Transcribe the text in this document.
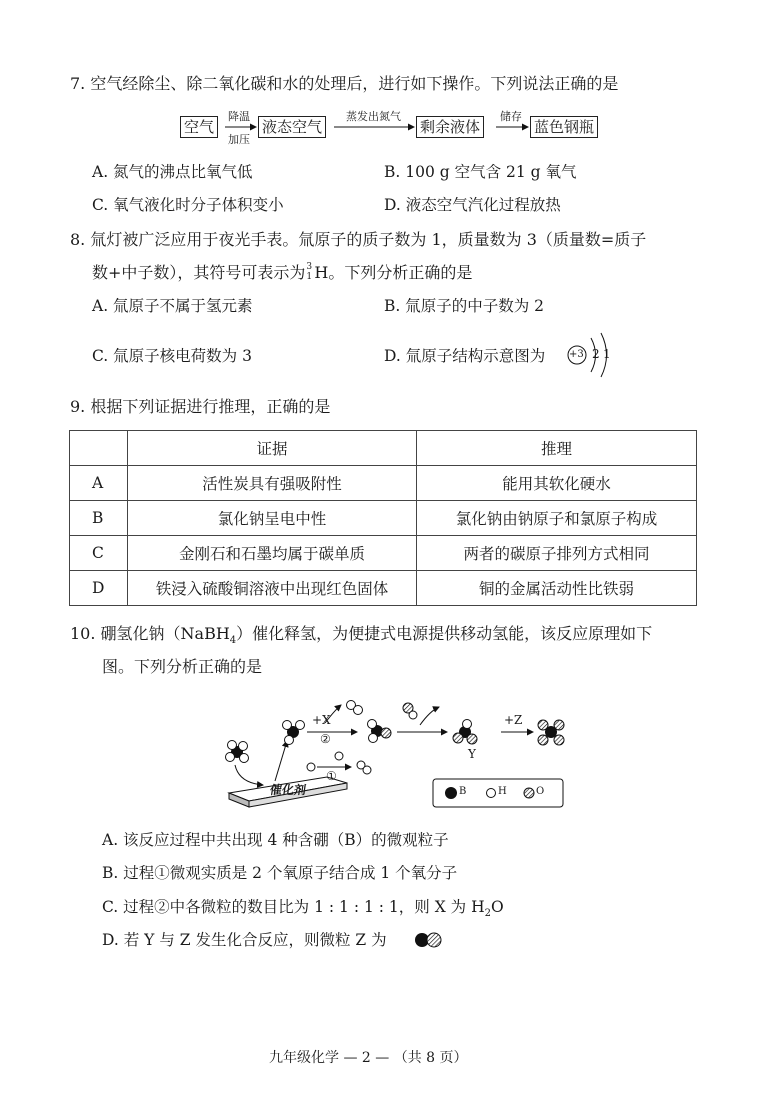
7. 空气经除尘、除二氧化碳和水的处理后，进行如下操作。下列说法正确的是
空气	液态空气	剩余液体	蓝色钢瓶
降温
加压
蒸发出氮气	储存
A. 氮气的沸点比氧气低	B. 100 g 空气含 21 g 氧气
C. 氧气液化时分子体积变小	D. 液态空气汽化过程放热
8. 氚灯被广泛应用于夜光手表。氚原子的质子数为 1，质量数为 3（质量数=质子
数+中子数），其符号可表示为 3
1 H。下列分析正确的是
A. 氚原子不属于氢元素	B. 氚原子的中子数为 2
C. 氚原子核电荷数为 3	D. 氚原子结构示意图为 +3 2 1
9. 根据下列证据进行推理，正确的是
	证据	推理
A	活性炭具有强吸附性	能用其软化硬水
B	氯化钠呈电中性	氯化钠由钠原子和氯原子构成
C	金刚石和石墨均属于碳单质	两者的碳原子排列方式相同
D	铁浸入硫酸铜溶液中出现红色固体	铜的金属活动性比铁弱
10. 硼氢化钠（NaBH$_4$）催化释氢，为便捷式电源提供移动氢能，该反应原理如下
图。下列分析正确的是
催化剂
+X
②
①
Y
+Z
B	H	O
A. 该反应过程中共出现 4 种含硼（B）的微观粒子
B. 过程①微观实质是 2 个氧原子结合成 1 个氧分子
C. 过程②中各微粒的数目比为 1 : 1 : 1 : 1，则 X 为 $H_2O$
D. 若 Y 与 Z 发生化合反应，则微粒 Z 为
九年级化学 — 2 — （共 8 页）
